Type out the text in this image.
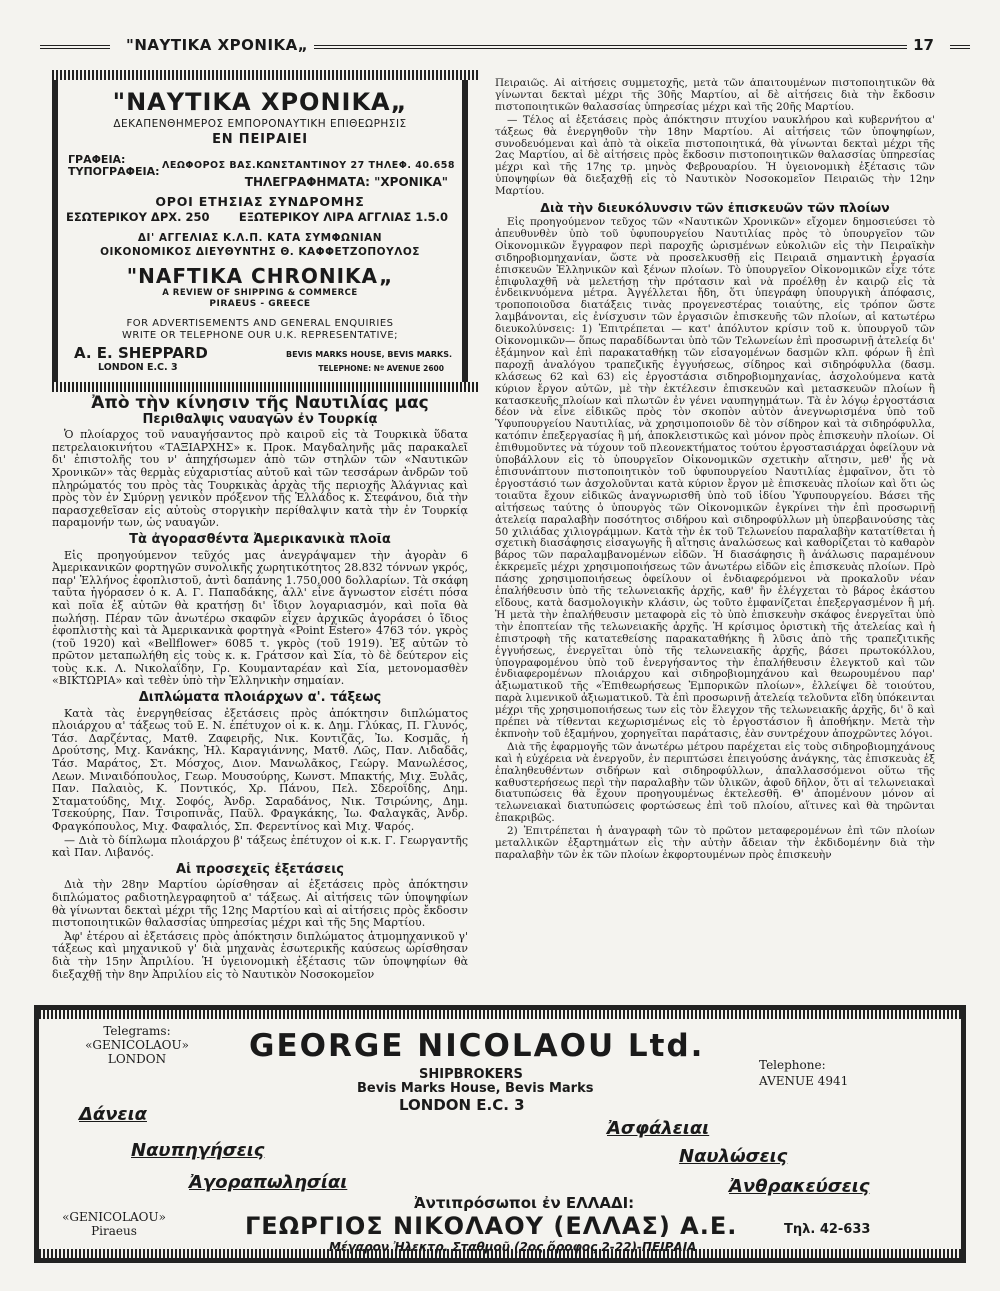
"ΝΑΥΤΙΚΑ ΧΡΟΝΙΚΑ„	17
"ΝΑΥΤΙΚΑ ΧΡΟΝΙΚΑ„
ΔΕΚΑΠΕΝΘΗΜΕΡΟΣ ΕΜΠΟΡΟΝΑΥΤΙΚΗ ΕΠΙΘΕΩΡΗΣΙΣ
ΕΝ ΠΕΙΡΑΙΕΙ
ΓΡΑΦΕΙΑ:
ΤΥΠΟΓΡΑΦΕΙΑ: ΛΕΩΦΟΡΟΣ ΒΑΣ.ΚΩΝΣΤΑΝΤΙΝΟΥ 27 ΤΗΛΕΦ. 40.658
ΤΗΛΕΓΡΑΦΗΜΑΤΑ: "ΧΡΟΝΙΚΑ"
ΟΡΟΙ ΕΤΗΣΙΑΣ ΣΥΝΔΡΟΜΗΣ
ΕΣΩΤΕΡΙΚΟΥ ΔΡΧ. 250	ΕΞΩΤΕΡΙΚΟΥ ΛΙΡΑ ΑΓΓΛΙΑΣ 1.5.0
ΔΙ' ΑΓΓΕΛΙΑΣ Κ.Λ.Π. ΚΑΤΑ ΣΥΜΦΩΝΙΑΝ
ΟΙΚΟΝΟΜΙΚΟΣ ΔΙΕΥΘΥΝΤΗΣ Θ. ΚΑΦΦΕΤΖΟΠΟΥΛΟΣ
"NAFTIKA CHRONIKA„
A REVIEW OF SHIPPING & COMMERCE
PIRAEUS - GREECE
FOR ADVERTISEMENTS AND GENERAL ENQUIRIES
WRITE OR TELEPHONE OUR U.K. REPRESENTATIVE;
A. E. SHEPPARD	BEVIS MARKS HOUSE, BEVIS MARKS.
LONDON E.C. 3	TELEPHONE: Nº AVENUE 2600
Ἀπὸ τὴν κίνησιν τῆς Ναυτιλίας μας
Περιθαλψις ναυαγῶν ἐν Τουρκίᾳ

Ὁ πλοίαρχος τοῦ ναυαγήσαντος πρὸ καιροῦ εἰς τὰ Τουρκικὰ ὕδατα πετρελαιοκινήτου «ΤΑΞΙΑΡΧΗΣ» κ. Προκ. Μαγδαληνῆς μᾶς παρακαλεῖ δι' ἐπιστολῆς του ν' ἀπηχήσωμεν ἀπὸ τῶν στηλῶν τῶν «Ναυτικῶν Χρονικῶν» τὰς θερμὰς εὐχαριστίας αὐτοῦ καὶ τῶν τεσσάρων ἀνδρῶν τοῦ πληρώματός του πρὸς τὰς Τουρκικὰς ἀρχὰς τῆς περιοχῆς Ἀλάγνιας καὶ πρὸς τὸν ἐν Σμύρνῃ γενικὸν πρόξενον τῆς Ἑλλάδος κ. Στεφάνου, διὰ τὴν παρασχεθεῖσαν εἰς αὐτοὺς στοργικὴν περίθαλψιν κατὰ τὴν ἐν Τουρκίᾳ παραμονήν των, ὡς ναυαγῶν.

Τὰ ἀγορασθέντα Ἀμερικανικὰ πλοῖα

Εἰς προηγούμενον τεῦχός μας ἀνεγράψαμεν τὴν ἀγορὰν 6 Ἀμερικανικῶν φορτηγῶν συνολικῆς χωρητικότητος 28.832 τόννων γκρός, παρ' Ἑλλήνος ἐφοπλιστοῦ, ἀντὶ δαπάνης 1.750.000 δολλαρίων. Τὰ σκάφη ταῦτα ἠγόρασεν ὁ κ. Α. Γ. Παπαδάκης, ἀλλ' εἶνε ἄγνωστον εἰσέτι πόσα καὶ ποῖα ἐξ αὐτῶν θὰ κρατήσῃ δι' ἴδιον λογαριασμόν, καὶ ποῖα θὰ πωλήσῃ. Πέραν τῶν ἀνωτέρω σκαφῶν εἶχεν ἀρχικῶς ἀγοράσει ὁ ἴδιος ἐφοπλιστὴς καὶ τὰ Ἀμερικανικὰ φορτηγὰ «Point Estero» 4763 τόν. γκρὸς (τοῦ 1920) καὶ «Bellflower» 6085 τ. γκρὸς (τοῦ 1919). Ἐξ αὐτῶν τὸ πρῶτον μεταπωλήθη εἰς τοὺς κ. κ. Γράτσον καὶ Σία, τὸ δὲ δεύτερον εἰς τοὺς κ.κ. Λ. Νικολαΐδην, Γρ. Κουμανταρέαν καὶ Σία, μετονομασθὲν «ΒΙΚΤΩΡΙΑ» καὶ τεθὲν ὑπὸ τὴν Ἑλληνικὴν σημαίαν.

Διπλώματα πλοιάρχων α'. τάξεως

Κατὰ τὰς ἐνεργηθείσας ἐξετάσεις πρὸς ἀπόκτησιν διπλώματος πλοιάρχου α' τάξεως τοῦ Ε. Ν. ἐπέτυχον οἱ κ. κ. Δημ. Γλύκας, Π. Γλυνός, Τάσ. Δαρζέντας, Ματθ. Ζαφειρῆς, Νικ. Κοντιζᾶς, Ἰω. Κοσμᾶς, ἡ Δρούτσης, Μιχ. Κανάκης, Ἠλ. Καραγιάννης, Ματθ. Λῶς, Παν. Λιδαδᾶς, Τάσ. Μαράτος, Στ. Μόσχος, Διον. Μανωλᾶκος, Γεώργ. Μανωλέσος, Λεων. Μιναιδόπουλος, Γεωρ. Μουσούρης, Κωνστ. Μπακτής, Μιχ. Ξυλᾶς, Παν. Παλαιὸς, Κ. Ποντικός, Χρ. Πάνου, Πελ. Σδεροΐδης, Δημ. Σταματούδης, Μιχ. Σοφός, Ἀνδρ. Σαραδάνος, Νικ. Τσιρώνης, Δημ. Τσεκούρης, Παν. Τσιροπινᾶς, Παῦλ. Φραγκάκης, Ἰω. Φαλαγκᾶς, Ἀνδρ. Φραγκόπουλος, Μιχ. Φαφαλιός, Σπ. Φερεντίνος καὶ Μιχ. Ψαρός.

— Διὰ τὸ δίπλωμα πλοιάρχου β' τάξεως ἐπέτυχον οἱ κ.κ. Γ. Γεωργαντῆς καὶ Παν. Λιβανός.

Αἱ προσεχεῖς ἐξετάσεις

Διὰ τὴν 28ην Μαρτίου ὡρίσθησαν αἱ ἐξετάσεις πρὸς ἀπόκτησιν διπλώματος ραδιοτηλεγραφητοῦ α' τάξεως. Αἱ αἰτήσεις τῶν ὑποψηφίων θὰ γίνωνται δεκταὶ μέχρι τῆς 12ης Μαρτίου καὶ αἱ αἰτήσεις πρὸς ἔκδοσιν πιστοποιητικῶν θαλασσίας ὑπηρεσίας μέχρι καὶ τῆς 5ης Μαρτίου.

Ἀφ' ἑτέρου αἱ ἐξετάσεις πρὸς ἀπόκτησιν διπλώματος ἀτμομηχανικοῦ γ' τάξεως καὶ μηχανικοῦ γ' διὰ μηχανὰς ἐσωτερικῆς καύσεως ὡρίσθησαν διὰ τὴν 15ην Ἀπριλίου. Ἡ ὑγειονομικὴ ἐξέτασις τῶν ὑποψηφίων θὰ διεξαχθῇ τὴν 8ην Ἀπριλίου εἰς τὸ Ναυτικὸν Νοσοκομεῖον

Πειραιῶς. Αἱ αἰτήσεις συμμετοχῆς, μετὰ τῶν ἀπαιτουμένων πιστοποιητικῶν θὰ γίνωνται δεκταὶ μέχρι τῆς 30ῆς Μαρτίου, αἱ δὲ αἰτήσεις διὰ τὴν ἔκδοσιν πιστοποιητικῶν θαλασσίας ὑπηρεσίας μέχρι καὶ τῆς 20ῆς Μαρτίου.

— Τέλος αἱ ἐξετάσεις πρὸς ἀπόκτησιν πτυχίου ναυκλήρου καὶ κυβερνήτου α' τάξεως θὰ ἐνεργηθοῦν τὴν 18ην Μαρτίου. Αἱ αἰτήσεις τῶν ὑποψηφίων, συνοδευόμεναι καὶ ἀπὸ τὰ οἰκεῖα πιστοποιητικά, θὰ γίνωνται δεκταὶ μέχρι τῆς 2ας Μαρτίου, αἱ δὲ αἰτήσεις πρὸς ἔκδοσιν πιστοποιητικῶν θαλασσίας ὑπηρεσίας μέχρι καὶ τῆς 17ης τρ. μηνὸς Φεβρουαρίου. Ἡ ὑγειονομικὴ ἐξέτασις τῶν ὑποψηφίων θὰ διεξαχθῇ εἰς τὸ Ναυτικὸν Νοσοκομεῖον Πειραιῶς τὴν 12ην Μαρτίου.

Διὰ τὴν διευκόλυνσιν τῶν ἐπισκευῶν τῶν πλοίων

Εἰς προηγούμενον τεῦχος τῶν «Ναυτικῶν Χρονικῶν» εἴχομεν δημοσιεύσει τὸ ἀπευθυνθὲν ὑπὸ τοῦ ὑφυπουργείου Ναυτιλίας πρὸς τὸ ὑπουργεῖον τῶν Οἰκονομικῶν ἔγγραφον περὶ παροχῆς ὡρισμένων εὐκολιῶν εἰς τὴν Πειραϊκὴν σιδηροβιομηχανίαν, ὥστε νὰ προσελκυσθῇ εἰς Πειραιᾶ σημαντικὴ ἐργασία ἐπισκευῶν Ἑλληνικῶν καὶ ξένων πλοίων. Τὸ ὑπουργεῖον Οἰκονομικῶν εἶχε τότε ἐπιφυλαχθῆ νὰ μελετήσῃ τὴν πρότασιν καὶ νὰ προέλθῃ ἐν καιρῷ εἰς τὰ ἐνδεικνυόμενα μέτρα. Ἀγγέλλεται ἤδη, ὅτι ὑπεγράφη ὑπουργικὴ ἀπόφασις, τροποποιοῦσα διατάξεις τινὰς προγενεστέρας τοιαύτης, εἰς τρόπον ὥστε λαμβάνονται, εἰς ἐνίσχυσιν τῶν ἐργασιῶν ἐπισκευῆς τῶν πλοίων, αἱ κατωτέρω διευκολύνσεις: 1) Ἐπιτρέπεται — κατ' ἀπόλυτον κρίσιν τοῦ κ. ὑπουργοῦ τῶν Οἰκονομικῶν— ὅπως παραδίδωνται ὑπὸ τῶν Τελωνείων ἐπὶ προσωρινῇ ἀτελείᾳ δι' ἐξάμηνον καὶ ἐπὶ παρακαταθήκῃ τῶν εἰσαγομένων δασμῶν κλπ. φόρων ἢ ἐπὶ παροχῇ ἀναλόγου τραπεζικῆς ἐγγυήσεως, σίδηρος καὶ σιδηρόφυλλα (δασμ. κλάσεως 62 καὶ 63) εἰς ἐργοστάσια σιδηροβιομηχανίας, ἀσχολούμενα κατὰ κύριον ἔργον αὐτῶν, μὲ τὴν ἐκτέλεσιν ἐπισκευῶν καὶ μετασκευῶν πλοίων ἢ κατασκευῆς πλοίων καὶ πλωτῶν ἐν γένει ναυπηγημάτων. Τὰ ἐν λόγῳ ἐργοστάσια δέον νὰ εἶνε εἰδικῶς πρὸς τὸν σκοπὸν αὐτὸν ἀνεγνωρισμένα ὑπὸ τοῦ Ὑφυπουργείου Ναυτιλίας, νὰ χρησιμοποιοῦν δὲ τὸν σίδηρον καὶ τὰ σιδηρόφυλλα, κατόπιν ἐπεξεργασίας ἢ μή, ἀποκλειστικῶς καὶ μόνον πρὸς ἐπισκευὴν πλοίων. Οἱ ἐπιθυμοῦντες νὰ τύχουν τοῦ πλεονεκτήματος τούτου ἐργοστασιάρχαι ὀφείλουν νὰ ὑποβάλλουν εἰς τὸ ὑπουργεῖον Οἰκονομικῶν σχετικὴν αἴτησιν, μεθ' ἧς νὰ ἐπισυνάπτουν πιστοποιητικὸν τοῦ ὑφυπουργείου Ναυτιλίας ἐμφαῖνον, ὅτι τὸ ἐργοστάσιό των ἀσχολοῦνται κατὰ κύριον ἔργον μὲ ἐπισκευὰς πλοίων καὶ ὅτι ὡς τοιαῦτα ἔχουν εἰδικῶς ἀναγνωρισθῆ ὑπὸ τοῦ ἰδίου Ὑφυπουργείου. Βάσει τῆς αἰτήσεως ταύτης ὁ ὑπουργὸς τῶν Οἰκονομικῶν ἐγκρίνει τὴν ἐπὶ προσωρινῇ ἀτελείᾳ παραλαβὴν ποσότητος σιδήρου καὶ σιδηροφύλλων μὴ ὑπερβαινούσης τὰς 50 χιλιάδας χιλιογράμμων. Κατὰ τὴν ἐκ τοῦ Τελωνείου παραλαβὴν κατατίθεται ἡ σχετικὴ διασάφησις εἰσαγωγῆς ἢ αἴτησις ἀναλώσεως καὶ καθορίζεται τὸ καθαρὸν βάρος τῶν παραλαμβανομένων εἰδῶν. Ἡ διασάφησις ἢ ἀνάλωσις παραμένουν ἐκκρεμεῖς μέχρι χρησιμοποιήσεως τῶν ἀνωτέρω εἰδῶν εἰς ἐπισκευὰς πλοίων. Πρὸ πάσης χρησιμοποιήσεως ὀφείλουν οἱ ἐνδιαφερόμενοι νὰ προκαλοῦν νέαν ἐπαλήθευσιν ὑπὸ τῆς τελωνειακῆς ἀρχῆς, καθ' ἣν ἐλέγχεται τὸ βάρος ἑκάστου εἴδους, κατὰ δασμολογικὴν κλάσιν, ὡς τοῦτο ἐμφανίζεται ἐπεξεργασμένον ἢ μή. Ἡ μετὰ τὴν ἐπαλήθευσιν μεταφορὰ εἰς τὸ ὑπὸ ἐπισκευὴν σκάφος ἐνεργεῖται ὑπὸ τὴν ἐποπτείαν τῆς τελωνειακῆς ἀρχῆς. Ἡ κρίσιμος ὁριστικὴ τῆς ἀτελείας καὶ ἡ ἐπιστροφὴ τῆς κατατεθείσης παρακαταθήκης ἢ λῦσις ἀπὸ τῆς τραπεζιτικῆς ἐγγυήσεως, ἐνεργεῖται ὑπὸ τῆς τελωνειακῆς ἀρχῆς, βάσει πρωτοκόλλου, ὑπογραφομένου ὑπὸ τοῦ ἐνεργήσαντος τὴν ἐπαλήθευσιν ἐλεγκτοῦ καὶ τῶν ἐνδιαφερομένων πλοιάρχου καὶ σιδηροβιομηχάνου καὶ θεωρουμένου παρ' ἀξιωματικοῦ τῆς «Ἐπιθεωρήσεως Ἐμπορικῶν πλοίων», ἐλλείψει δὲ τοιούτου, παρὰ λιμενικοῦ ἀξιωματικοῦ. Τὰ ἐπὶ προσωρινῇ ἀτελείᾳ τελοῦντα εἴδη ὑπόκεινται μέχρι τῆς χρησιμοποιήσεως των εἰς τὸν ἔλεγχον τῆς τελωνειακῆς ἀρχῆς, δι' ὃ καὶ πρέπει νὰ τίθενται κεχωρισμένως εἰς τὸ ἐργοστάσιον ἢ ἀποθήκην. Μετὰ τὴν ἐκπνοὴν τοῦ ἑξαμήνου, χορηγεῖται παράτασις, ἐὰν συντρέχουν ἀποχρῶντες λόγοι.

Διὰ τῆς ἐφαρμογῆς τῶν ἀνωτέρω μέτρου παρέχεται εἰς τοὺς σιδηροβιομηχάνους καὶ ἡ εὐχέρεια νὰ ἐνεργοῦν, ἐν περιπτώσει ἐπειγούσης ἀνάγκης, τὰς ἐπισκευὰς ἐξ ἐπαληθευθέντων σιδήρων καὶ σιδηροφύλλων, ἀπαλλασσόμενοι οὕτω τῆς καθυστερήσεως περὶ τὴν παραλαβὴν τῶν ὑλικῶν, ἀφοῦ δῆλον, ὅτι αἱ τελωνειακαὶ διατυπώσεις θὰ ἔχουν προηγουμένως ἐκτελεσθῆ. Θ' ἀπομένουν μόνον αἱ τελωνειακαὶ διατυπώσεις φορτώσεως ἐπὶ τοῦ πλοίου, αἵτινες καὶ θὰ τηρῶνται ἐπακριβῶς.

2) Ἐπιτρέπεται ἡ ἀναγραφὴ τῶν τὸ πρῶτον μεταφερομένων ἐπὶ τῶν πλοίων μεταλλικῶν ἐξαρτημάτων εἰς τὴν αὐτὴν ἄδειαν τὴν ἐκδιδομένην διὰ τὴν παραλαβὴν τῶν ἐκ τῶν πλοίων ἐκφορτουμένων πρὸς ἐπισκευὴν

Telegrams:
«GENICOLAOU»
LONDON	GEORGE NICOLAOU Ltd.
SHIPBROKERS
Bevis Marks House, Bevis Marks
LONDON E.C. 3
Telephone:
AVENUE 4941
Δάνεια
Ναυπηγήσεις
Ἀγοραπωλησίαι
Ἀσφάλειαι
Ναυλώσεις
Ἀνθρακεύσεις
Ἀντιπρόσωποι ἐν ΕΛΛΑΔΙ:
«GENICOLAOU»
Piraeus	ΓΕΩΡΓΙΟΣ ΝΙΚΟΛΑΟΥ (ΕΛΛΑΣ) Α.Ε.
Μέγαρον Ἠλεκτρ. Σταθμοῦ (2ος ὄροφος 2-22)-ΠΕΙΡΑΙΑ
Τηλ. 42-633
